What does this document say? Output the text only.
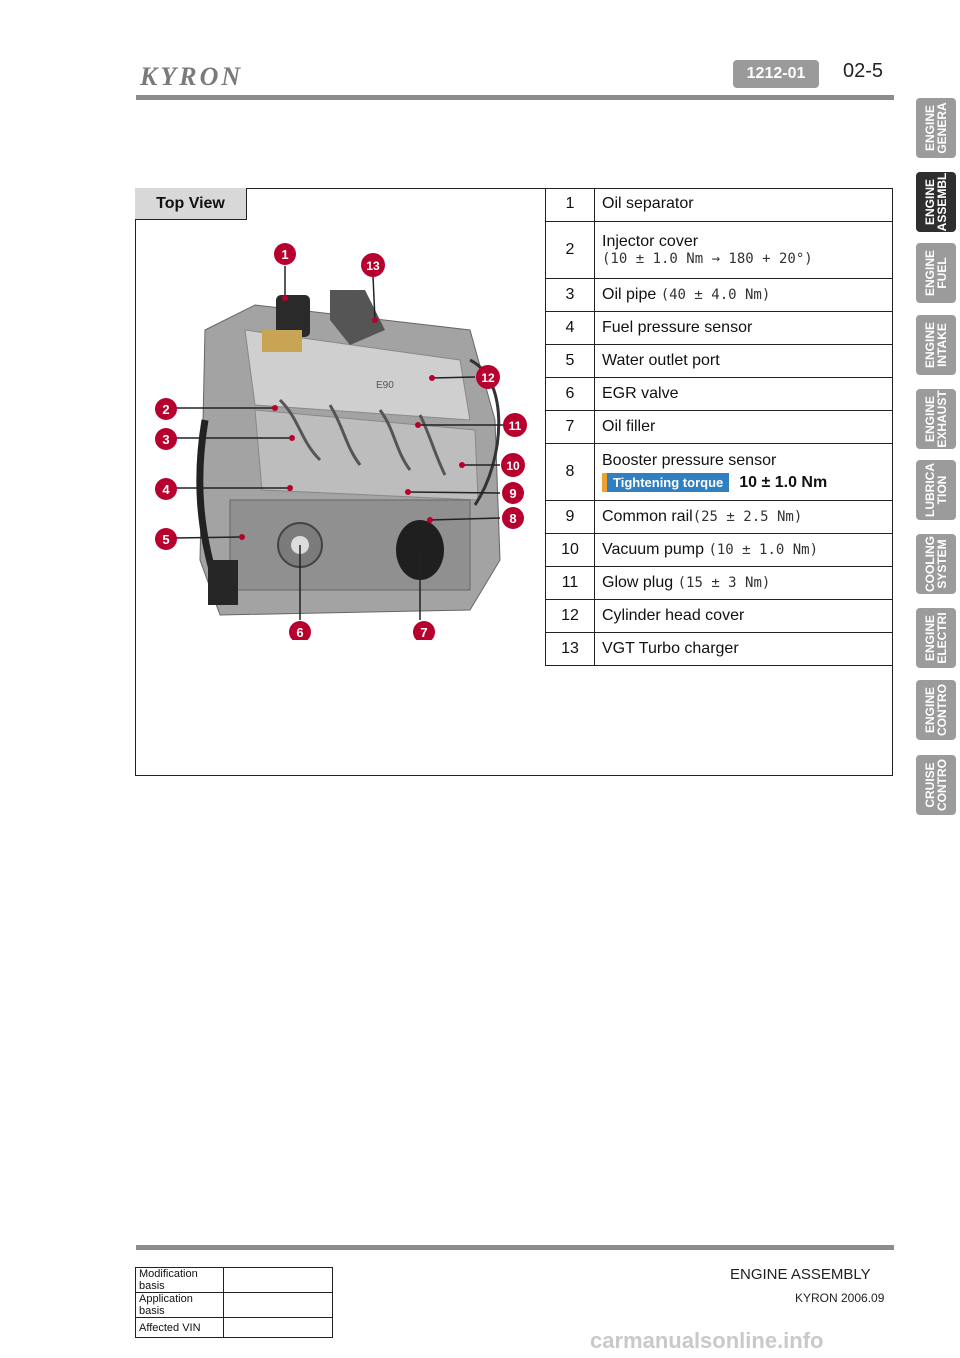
KYRON	1212-01	02-5
ENGINE
GENERA
ENGINE
ASSEMBL
ENGINE
FUEL
ENGINE
INTAKE
ENGINE
EXHAUST
LUBRICA
TION
COOLING
SYSTEM
ENGINE
ELECTRI
ENGINE
CONTRO
CRUISE
CONTRO
Top View
E90
1
2
3
4
5
6	7
8
9
10
11
12
13
1	Oil separator
2	Injector cover
(10 ± 1.0 Nm → 180 + 20°)

3	Oil pipe (40 ± 4.0 Nm)
4	Fuel pressure sensor
5	Water outlet port
6	EGR valve
7	Oil filler
8	Booster pressure sensor
Tightening torque 10 ± 1.0 Nm

9	Common rail(25 ± 2.5 Nm)
10	Vacuum pump (10 ± 1.0 Nm)
11	Glow plug (15 ± 3 Nm)
12	Cylinder head cover
13	VGT Turbo charger
ENGINE ASSEMBLY
KYRON 2006.09
Modification basis	
Application basis	
Affected VIN	
carmanualsonline.info
